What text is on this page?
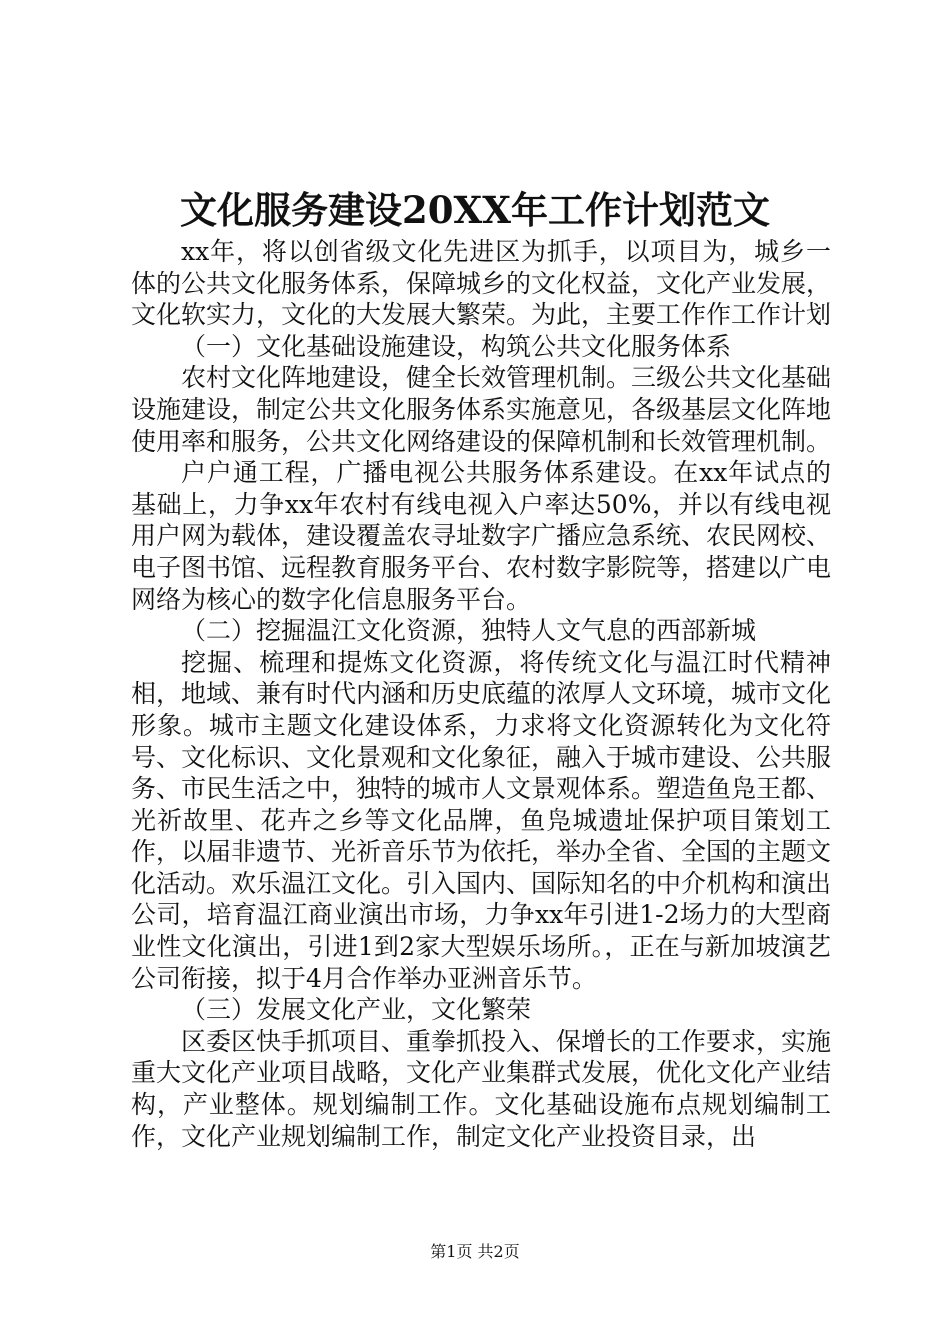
文化服务建设20XX年工作计划范文

xx年，将以创省级文化先进区为抓手，以项目为，城乡一体的公共文化服务体系，保障城乡的文化权益，文化产业发展，文化软实力，文化的大发展大繁荣。为此，主要工作作工作计划

（一）文化基础设施建设，构筑公共文化服务体系

农村文化阵地建设，健全长效管理机制。三级公共文化基础设施建设，制定公共文化服务体系实施意见，各级基层文化阵地使用率和服务，公共文化网络建设的保障机制和长效管理机制。

户户通工程，广播电视公共服务体系建设。在xx年试点的基础上，力争xx年农村有线电视入户率达50%，并以有线电视用户网为载体，建设覆盖农寻址数字广播应急系统、农民网校、电子图书馆、远程教育服务平台、农村数字影院等，搭建以广电网络为核心的数字化信息服务平台。

（二）挖掘温江文化资源，独特人文气息的西部新城

挖掘、梳理和提炼文化资源，将传统文化与温江时代精神相，地域、兼有时代内涵和历史底蕴的浓厚人文环境，城市文化形象。城市主题文化建设体系，力求将文化资源转化为文化符号、文化标识、文化景观和文化象征，融入于城市建设、公共服务、市民生活之中，独特的城市人文景观体系。塑造鱼凫王都、光祈故里、花卉之乡等文化品牌，鱼凫城遗址保护项目策划工作，以届非遗节、光祈音乐节为依托，举办全省、全国的主题文化活动。欢乐温江文化。引入国内、国际知名的中介机构和演出公司，培育温江商业演出市场，力争xx年引进1-2场力的大型商业性文化演出，引进1到2家大型娱乐场所。，正在与新加坡演艺公司衔接，拟于4月合作举办亚洲音乐节。

（三）发展文化产业，文化繁荣

区委区快手抓项目、重拳抓投入、保增长的工作要求，实施重大文化产业项目战略，文化产业集群式发展，优化文化产业结构，产业整体。规划编制工作。文化基础设施布点规划编制工作，文化产业规划编制工作，制定文化产业投资目录，出

第1页 共2页
